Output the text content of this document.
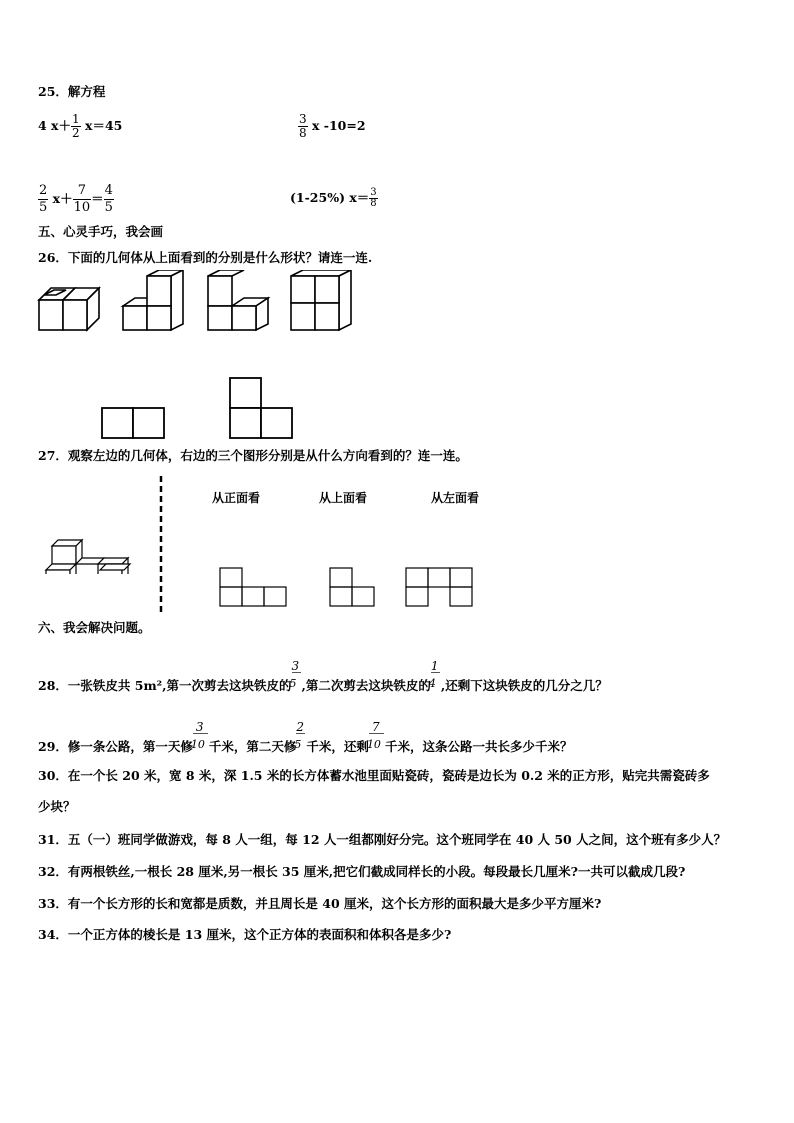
25．解方程
4 $x+ \frac{1}{2} x=45$	$\frac{3}{8}$ x -10=2
$\frac{2}{5} x+ \frac{7}{10} = \frac{4}{5}$	(1-25%) $x= \frac{3}{8}$
五、心灵手巧，我会画
26．下面的几何体从上面看到的分别是什么形状？请连一连.
27．观察左边的几何体，右边的三个图形分别是从什么方向看到的？连一连。
从正面看	从上面看	从左面看
六、我会解决问题。
28．一张铁皮共 5m²,第一次剪去这块铁皮的 $\frac{3}{5}$ ,第二次剪去这块铁皮的 $\frac{1}{4}$ ,还剩下这块铁皮的几分之几？
29．修一条公路，第一天修 $\frac{3}{10}$ 千米，第二天修 $\frac{2}{5}$ 千米，还剩 $\frac{7}{10}$ 千米，这条公路一共长多少千米？
30．在一个长 20 米，宽 8 米，深 1.5 米的长方体蓄水池里面贴瓷砖，瓷砖是边长为 0.2 米的正方形，贴完共需瓷砖多
少块？
31．五（一）班同学做游戏，每 8 人一组，每 12 人一组都刚好分完。这个班同学在 40 人 50 人之间，这个班有多少人？
32．有两根铁丝,一根长 28 厘米,另一根长 35 厘米,把它们截成同样长的小段。每段最长几厘米?一共可以截成几段?
33．有一个长方形的长和宽都是质数，并且周长是 40 厘米，这个长方形的面积最大是多少平方厘米?
34．一个正方体的棱长是 13 厘米，这个正方体的表面积和体积各是多少?
